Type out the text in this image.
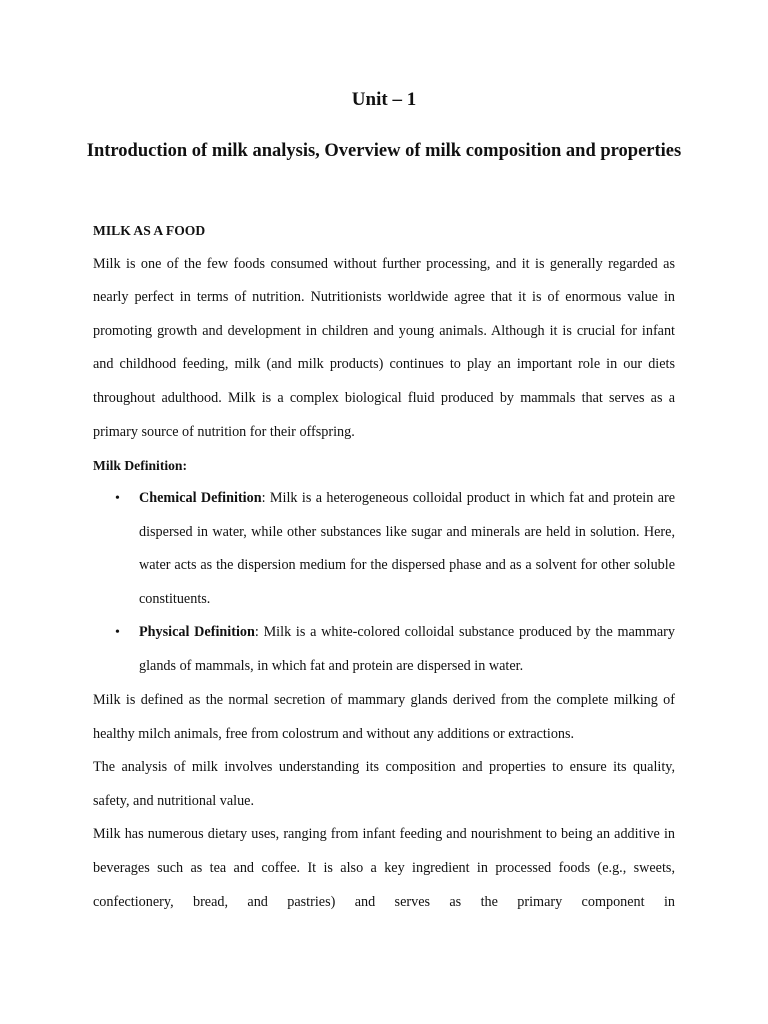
Unit – 1
Introduction of milk analysis, Overview of milk composition and properties
MILK AS A FOOD

Milk is one of the few foods consumed without further processing, and it is generally regarded as nearly perfect in terms of nutrition. Nutritionists worldwide agree that it is of enormous value in promoting growth and development in children and young animals. Although it is crucial for infant and childhood feeding, milk (and milk products) continues to play an important role in our diets throughout adulthood. Milk is a complex biological fluid produced by mammals that serves as a primary source of nutrition for their offspring.

Milk Definition:
• Chemical Definition: Milk is a heterogeneous colloidal product in which fat and protein are dispersed in water, while other substances like sugar and minerals are held in solution. Here, water acts as the dispersion medium for the dispersed phase and as a solvent for other soluble constituents.
• Physical Definition: Milk is a white-colored colloidal substance produced by the mammary glands of mammals, in which fat and protein are dispersed in water.

Milk is defined as the normal secretion of mammary glands derived from the complete milking of healthy milch animals, free from colostrum and without any additions or extractions.

The analysis of milk involves understanding its composition and properties to ensure its quality, safety, and nutritional value.

Milk has numerous dietary uses, ranging from infant feeding and nourishment to being an additive in beverages such as tea and coffee. It is also a key ingredient in processed foods (e.g., sweets, confectionery, bread, and pastries) and serves as the primary component in
